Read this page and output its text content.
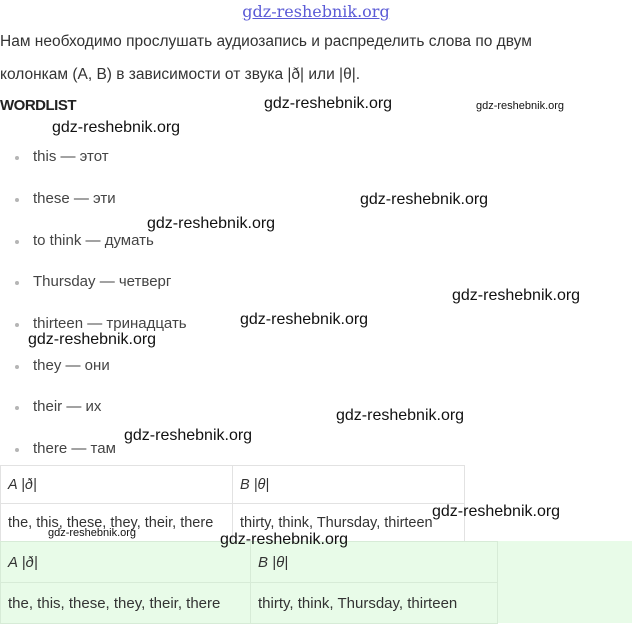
gdz-reshebnik.org
Нам необходимо прослушать аудиозапись и распределить слова по двум
колонкам (A, B) в зависимости от звука |ð| или |θ|.
WORDLIST
this — этот
these — эти
to think — думать
Thursday — четверг
thirteen — тринадцать
they — они
their — их
there — там
A |ð|	B |θ|
the, this, these, they, their, there	thirty, think, Thursday, thirteen
A |ð|	B |θ|
the, this, these, they, their, there	thirty, think, Thursday, thirteen
gdz-reshebnik.org	gdz-reshebnik.org
gdz-reshebnik.org
gdz-reshebnik.org
gdz-reshebnik.org
gdz-reshebnik.org
gdz-reshebnik.org
gdz-reshebnik.org
gdz-reshebnik.org
gdz-reshebnik.org
gdz-reshebnik.org
gdz-reshebnik.org	gdz-reshebnik.org
